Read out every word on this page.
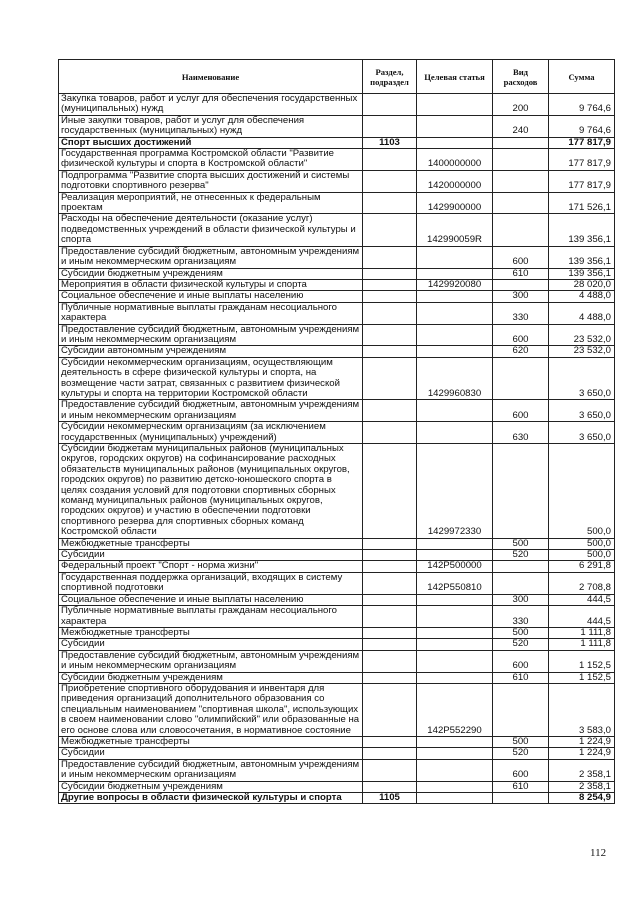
Наименование	Раздел, подраздел	Целевая статья	Вид расходов	Сумма
Закупка товаров, работ и услуг для обеспечения государственных (муниципальных) нужд			200	9 764,6
Иные закупки товаров, работ и услуг для обеспечения государственных (муниципальных) нужд			240	9 764,6
Спорт высших достижений	1103			177 817,9
Государственная программа Костромской области "Развитие физической культуры и спорта в Костромской области"		1400000000		177 817,9
Подпрограмма "Развитие спорта высших достижений и системы подготовки спортивного резерва"		1420000000		177 817,9
Реализация мероприятий, не отнесенных к федеральным проектам		1429900000		171 526,1
Расходы на обеспечение деятельности (оказание услуг) подведомственных учреждений в области физической культуры и спорта		142990059R		139 356,1
Предоставление субсидий бюджетным, автономным учреждениям и иным некоммерческим организациям			600	139 356,1
Субсидии бюджетным учреждениям			610	139 356,1
Мероприятия в области физической культуры и спорта		1429920080		28 020,0
Социальное обеспечение и иные выплаты населению			300	4 488,0
Публичные нормативные выплаты гражданам несоциального характера			330	4 488,0
Предоставление субсидий бюджетным, автономным учреждениям и иным некоммерческим организациям			600	23 532,0
Субсидии автономным учреждениям			620	23 532,0
Субсидии некоммерческим организациям, осуществляющим деятельность в сфере физической культуры и спорта, на возмещение части затрат, связанных с развитием физической культуры и спорта на территории Костромской области		1429960830		3 650,0
Предоставление субсидий бюджетным, автономным учреждениям и иным некоммерческим организациям			600	3 650,0
Субсидии некоммерческим организациям (за исключением государственных (муниципальных) учреждений)			630	3 650,0
Субсидии бюджетам муниципальных районов (муниципальных округов, городских округов) на софинансирование расходных обязательств муниципальных районов (муниципальных округов, городских округов) по развитию детско-юношеского спорта в целях создания условий для подготовки спортивных сборных команд муниципальных районов (муниципальных округов, городских округов) и участию в обеспечении подготовки спортивного резерва для спортивных сборных команд Костромской области		1429972330		500,0
Межбюджетные трансферты			500	500,0
Субсидии			520	500,0
Федеральный проект "Спорт - норма жизни"		142P500000		6 291,8
Государственная поддержка организаций, входящих в систему спортивной подготовки		142P550810		2 708,8
Социальное обеспечение и иные выплаты населению			300	444,5
Публичные нормативные выплаты гражданам несоциального характера			330	444,5
Межбюджетные трансферты			500	1 111,8
Субсидии			520	1 111,8
Предоставление субсидий бюджетным, автономным учреждениям и иным некоммерческим организациям			600	1 152,5
Субсидии бюджетным учреждениям			610	1 152,5
Приобретение спортивного оборудования и инвентаря для приведения организаций дополнительного образования со специальным наименованием "спортивная школа", использующих в своем наименовании слово "олимпийский" или образованные на его основе слова или словосочетания, в нормативное состояние		142P552290		3 583,0
Межбюджетные трансферты			500	1 224,9
Субсидии			520	1 224,9
Предоставление субсидий бюджетным, автономным учреждениям и иным некоммерческим организациям			600	2 358,1
Субсидии бюджетным учреждениям			610	2 358,1
Другие вопросы в области физической культуры и спорта	1105			8 254,9
112
